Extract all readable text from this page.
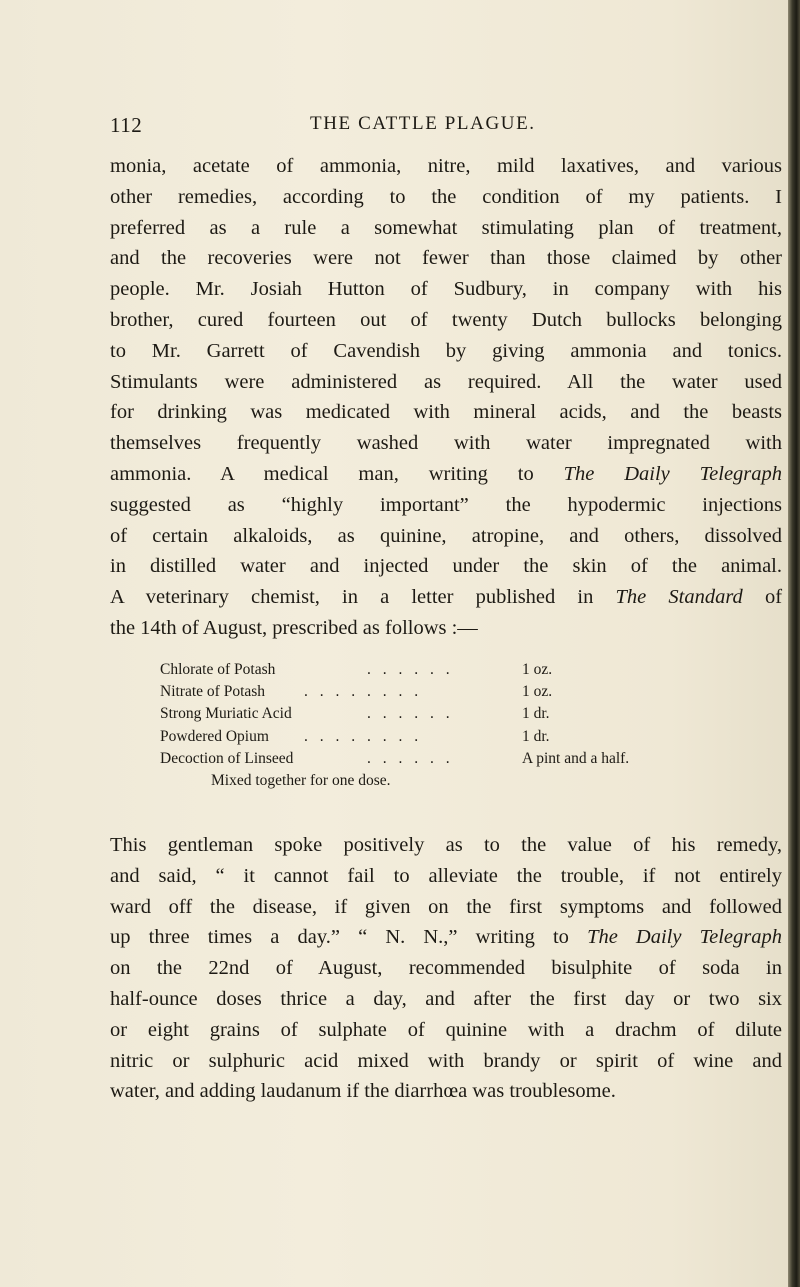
112	THE CATTLE PLAGUE.
monia, acetate of ammonia, nitre, mild laxatives, and various
other remedies, according to the condition of my patients. I
preferred as a rule a somewhat stimulating plan of treatment,
and the recoveries were not fewer than those claimed by other
people. Mr. Josiah Hutton of Sudbury, in company with his
brother, cured fourteen out of twenty Dutch bullocks belonging
to Mr. Garrett of Cavendish by giving ammonia and tonics.
Stimulants were administered as required. All the water used
for drinking was medicated with mineral acids, and the beasts
themselves frequently washed with water impregnated with
ammonia. A medical man, writing to The Daily Telegraph
suggested as “highly important” the hypodermic injections
of certain alkaloids, as quinine, atropine, and others, dissolved
in distilled water and injected under the skin of the animal.
A veterinary chemist, in a letter published in The Standard of
the 14th of August, prescribed as follows :—
Chlorate of Potash	. . . . . .	1 oz.
Nitrate of Potash	. . . . . . . .	1 oz.
Strong Muriatic Acid	. . . . . .	1 dr.
Powdered Opium . . . . . . . .	1 dr.
Decoction of Linseed	. . . . . .	A pint and a half.
Mixed together for one dose.
This gentleman spoke positively as to the value of his remedy,
and said, “ it cannot fail to alleviate the trouble, if not entirely
ward off the disease, if given on the first symptoms and followed
up three times a day.” “ N. N.,” writing to The Daily Telegraph
on the 22nd of August, recommended bisulphite of soda in
half-ounce doses thrice a day, and after the first day or two six
or eight grains of sulphate of quinine with a drachm of dilute
nitric or sulphuric acid mixed with brandy or spirit of wine and
water, and adding laudanum if the diarrhœa was troublesome.
